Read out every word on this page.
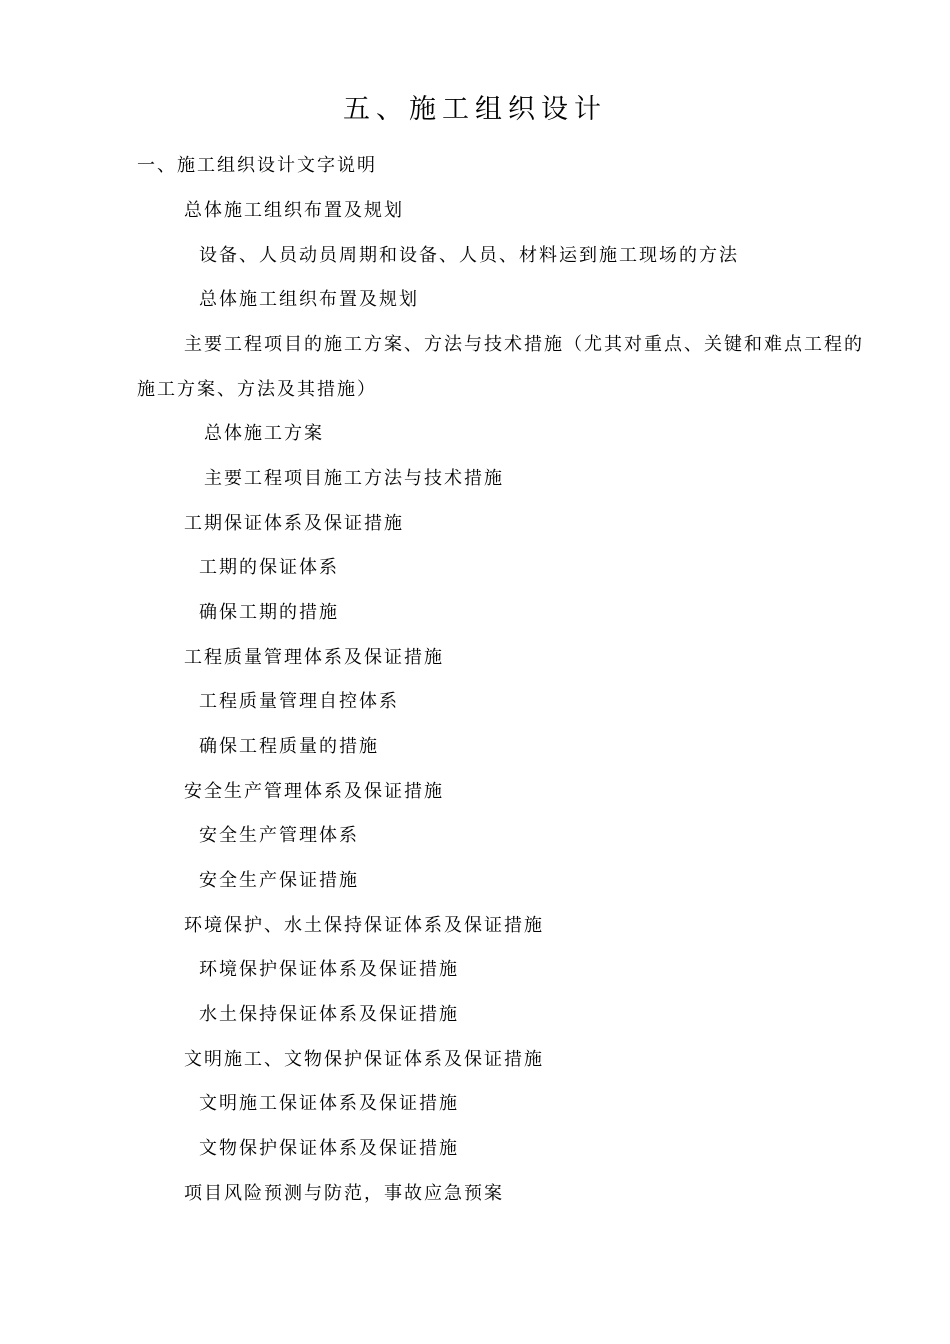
五、施工组织设计
一、施工组织设计文字说明
总体施工组织布置及规划
设备、人员动员周期和设备、人员、材料运到施工现场的方法
总体施工组织布置及规划
主要工程项目的施工方案、方法与技术措施（尤其对重点、关键和难点工程的
施工方案、方法及其措施）
总体施工方案
主要工程项目施工方法与技术措施
工期保证体系及保证措施
工期的保证体系
确保工期的措施
工程质量管理体系及保证措施
工程质量管理自控体系
确保工程质量的措施
安全生产管理体系及保证措施
安全生产管理体系
安全生产保证措施
环境保护、水土保持保证体系及保证措施
环境保护保证体系及保证措施
水土保持保证体系及保证措施
文明施工、文物保护保证体系及保证措施
文明施工保证体系及保证措施
文物保护保证体系及保证措施
项目风险预测与防范，事故应急预案
